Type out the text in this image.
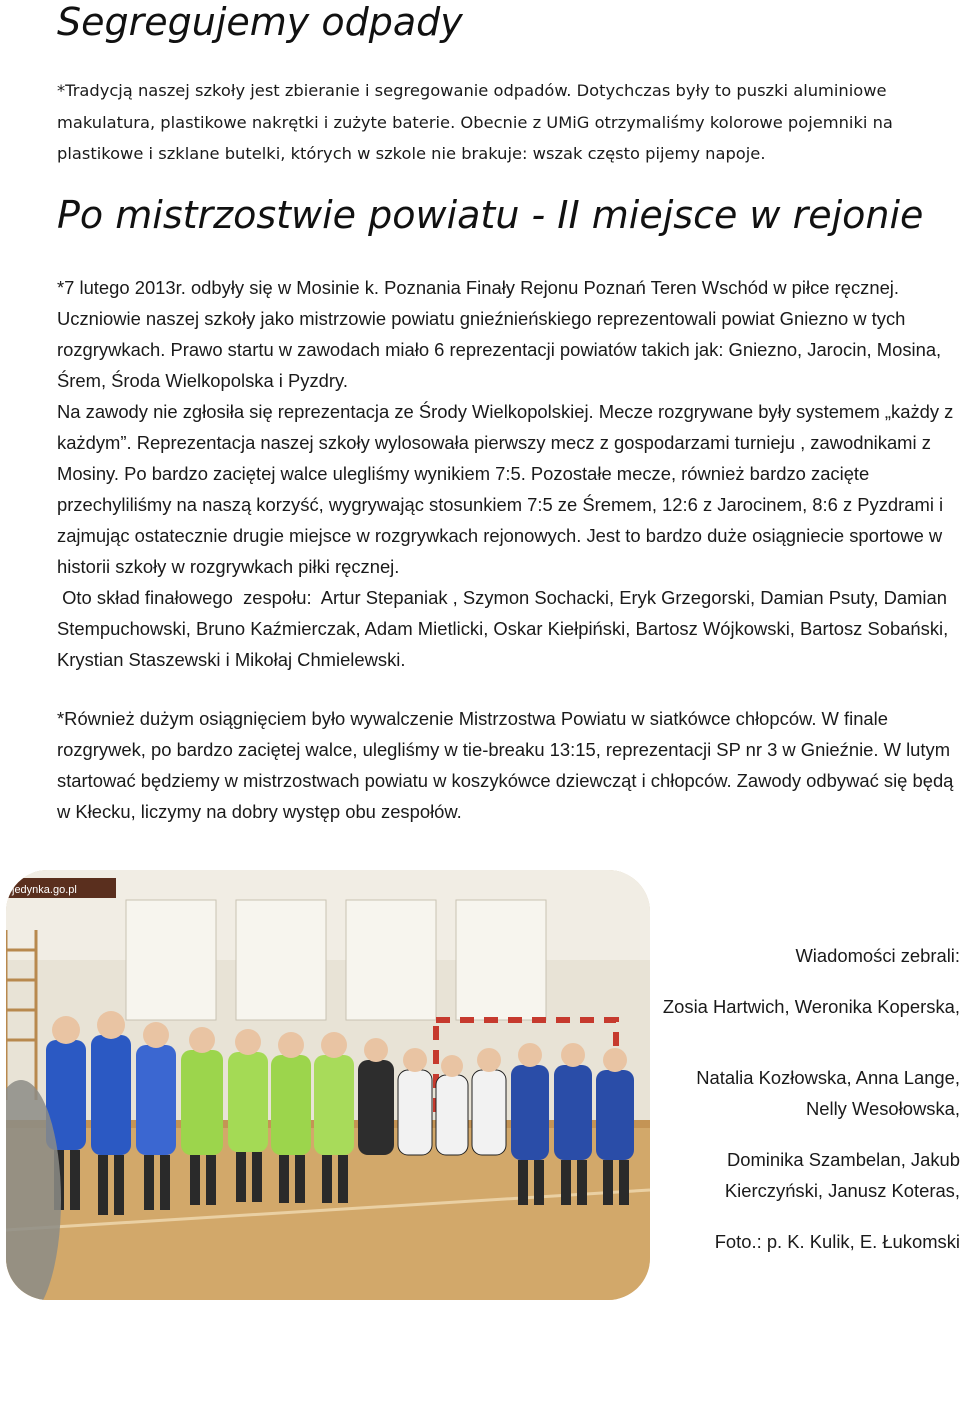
Segregujemy odpady

*Tradycją naszej szkoły jest zbieranie i segregowanie odpadów. Dotychczas były to puszki aluminiowe makulatura, plastikowe nakrętki i zużyte baterie. Obecnie z UMiG otrzymaliśmy kolorowe pojemniki na plastikowe i szklane butelki, których w szkole nie brakuje: wszak często pijemy napoje.

Po mistrzostwie powiatu - II miejsce w rejonie

*7 lutego 2013r. odbyły się w Mosinie k. Poznania Finały Rejonu Poznań Teren Wschód w piłce ręcznej. Uczniowie naszej szkoły jako mistrzowie powiatu gnieźnieńskiego reprezentowali powiat Gniezno w tych rozgrywkach. Prawo startu w zawodach miało 6 reprezentacji powiatów takich jak: Gniezno, Jarocin, Mosina, Śrem, Środa Wielkopolska i Pyzdry.

Na zawody nie zgłosiła się reprezentacja ze Środy Wielkopolskiej. Mecze rozgrywane były systemem „każdy z każdym”. Reprezentacja naszej szkoły wylosowała pierwszy mecz z gospodarzami turnieju , zawodnikami z Mosiny. Po bardzo zaciętej walce ulegliśmy wynikiem 7:5. Pozostałe mecze, również bardzo zacięte przechyliliśmy na naszą korzyść, wygrywając stosunkiem 7:5 ze Śremem, 12:6 z Jarocinem, 8:6 z Pyzdrami i zajmując ostatecznie drugie miejsce w rozgrywkach rejonowych. Jest to bardzo duże osiągniecie sportowe w historii szkoły w rozgrywkach piłki ręcznej.

Oto skład finałowego  zespołu:  Artur Stepaniak , Szymon Sochacki, Eryk Grzegorski, Damian Psuty, Damian Stempuchowski, Bruno Kaźmierczak, Adam Mietlicki, Oskar Kiełpiński, Bartosz Wójkowski, Bartosz Sobański, Krystian Staszewski i Mikołaj Chmielewski.

*Również dużym osiągnięciem było wywalczenie Mistrzostwa Powiatu w siatkówce chłopców. W finale rozgrywek, po bardzo zaciętej walce, ulegliśmy w tie-breaku 13:15, reprezentacji SP nr 3 w Gnieźnie. W lutym startować będziemy w mistrzostwach powiatu w koszykówce dziewcząt i chłopców. Zawody odbywać się będą w Kłecku, liczymy na dobry występ obu zespołów.

jedynka.go.pl
Wiadomości zebrali:
Zosia Hartwich, Weronika Koperska,
Natalia Kozłowska, Anna Lange, Nelly Wesołowska,
Dominika Szambelan, Jakub Kierczyński, Janusz Koteras,
Foto.: p. K. Kulik, E. Łukomski
